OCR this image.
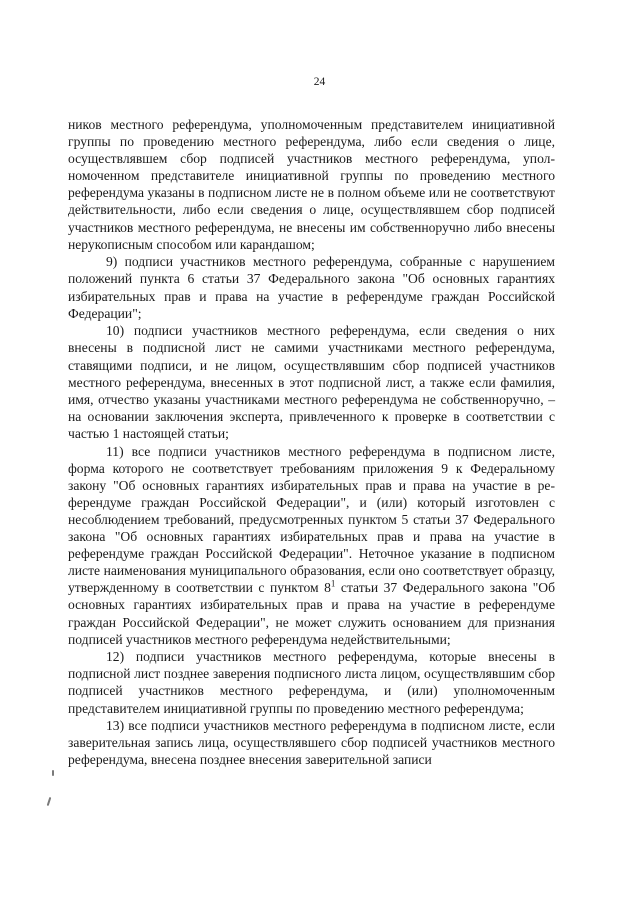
24

ников местного референдума, уполномоченным представителем инициативной группы по проведению местного референдума, либо если сведения о лице, осуществлявшем сбор подписей участников местного референдума, уполномоченном представителе инициативной группы по проведению местного референдума указаны в подписном листе не в полном объеме или не соответствуют действительности, либо если сведения о лице, осуществлявшем сбор подписей участников местного референдума, не внесены им собственноручно либо внесены нерукописным способом или карандашом;

9) подписи участников местного референдума, собранные с нарушением положений пункта 6 статьи 37 Федерального закона "Об основных гарантиях избирательных прав и права на участие в референдуме граждан Российской Федерации";

10) подписи участников местного референдума, если сведения о них внесены в подписной лист не самими участниками местного референдума, ставящими подписи, и не лицом, осуществлявшим сбор подписей участников местного референдума, внесенных в этот подписной лист, а также если фамилия, имя, отчество указаны участниками местного референдума не собственноручно, – на основании заключения эксперта, привлеченного к проверке в соответствии с частью 1 настоящей статьи;

11) все подписи участников местного референдума в подписном листе, форма которого не соответствует требованиям приложения 9 к Федеральному закону "Об основных гарантиях избирательных прав и права на участие в референдуме граждан Российской Федерации", и (или) который изготовлен с несоблюдением требований, предусмотренных пунктом 5 статьи 37 Федерального закона "Об основных гарантиях избирательных прав и права на участие в референдуме граждан Российской Федерации". Неточное указание в подписном листе наименования муниципального образования, если оно соответствует образцу, утвержденному в соответствии с пунктом $8^1$ статьи 37 Федерального закона "Об основных гарантиях избирательных прав и права на участие в референдуме граждан Российской Федерации", не может служить основанием для признания подписей участников местного референдума недействительными;

12) подписи участников местного референдума, которые внесены в подписной лист позднее заверения подписного листа лицом, осуществлявшим сбор подписей участников местного референдума, и (или) уполномоченным представителем инициативной группы по проведению местного референдума;

13) все подписи участников местного референдума в подписном листе, если заверительная запись лица, осуществлявшего сбор подписей участников местного референдума, внесена позднее внесения заверительной записи
